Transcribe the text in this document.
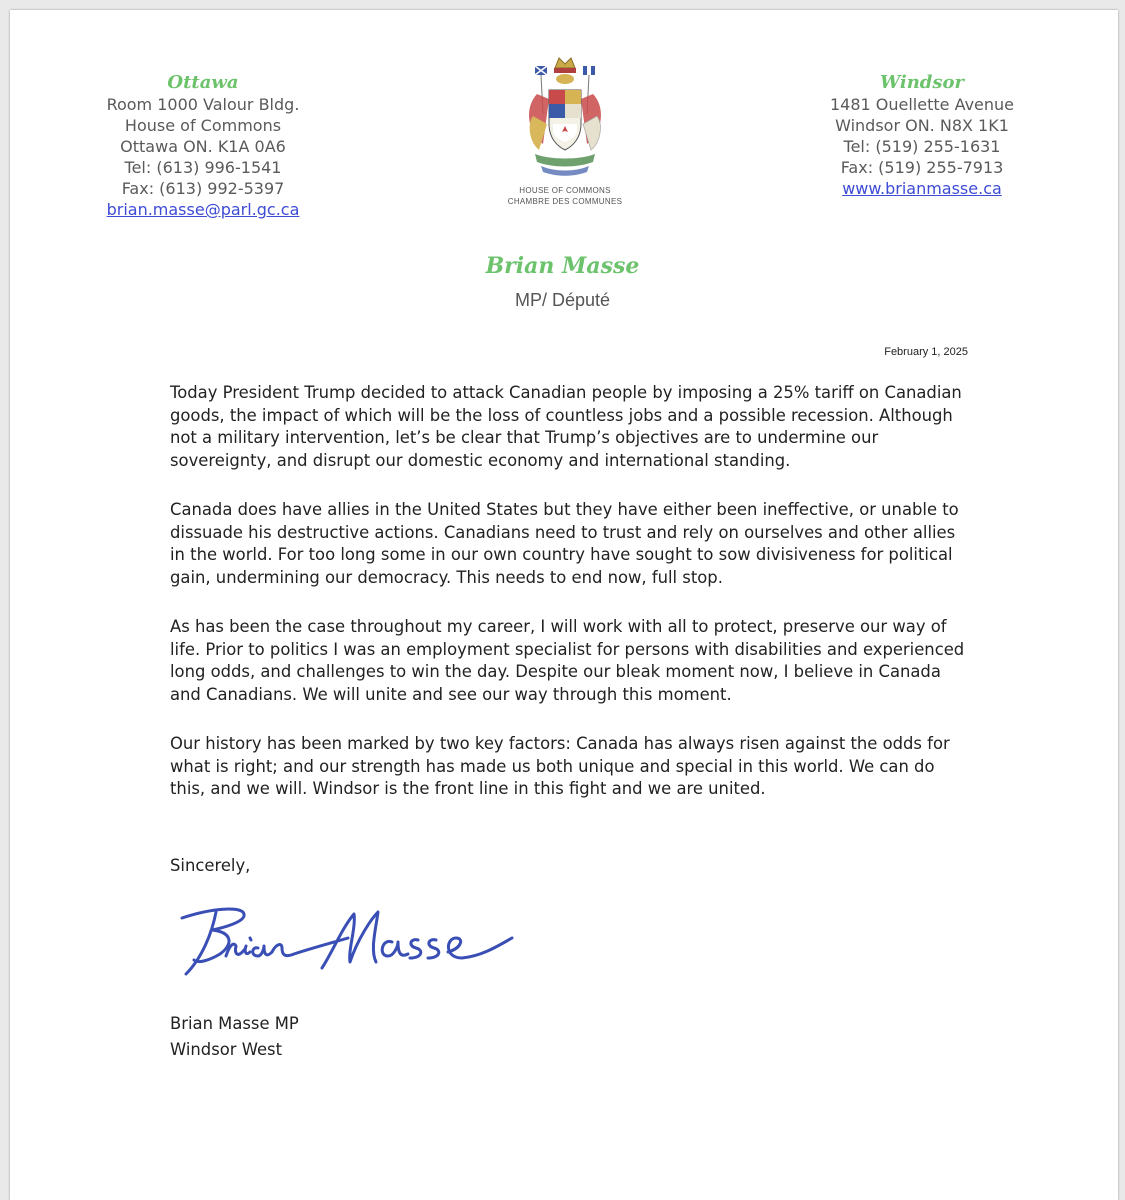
Ottawa
Room 1000 Valour Bldg.
House of Commons
Ottawa ON. K1A 0A6
Tel: (613) 996-1541
Fax: (613) 992-5397
brian.masse@parl.gc.ca
HOUSE OF COMMONS
CHAMBRE DES COMMUNES
Windsor
1481 Ouellette Avenue
Windsor ON. N8X 1K1
Tel: (519) 255-1631
Fax: (519) 255-7913
www.brianmasse.ca
Brian Masse
MP/ Député
February 1, 2025

Today President Trump decided to attack Canadian people by imposing a 25% tariff on Canadian goods, the impact of which will be the loss of countless jobs and a possible recession. Although not a military intervention, let’s be clear that Trump’s objectives are to undermine our sovereignty, and disrupt our domestic economy and international standing.

Canada does have allies in the United States but they have either been ineffective, or unable to dissuade his destructive actions. Canadians need to trust and rely on ourselves and other allies in the world. For too long some in our own country have sought to sow divisiveness for political gain, undermining our democracy. This needs to end now, full stop.

As has been the case throughout my career, I will work with all to protect, preserve our way of life. Prior to politics I was an employment specialist for persons with disabilities and experienced long odds, and challenges to win the day. Despite our bleak moment now, I believe in Canada and Canadians. We will unite and see our way through this moment.

Our history has been marked by two key factors: Canada has always risen against the odds for what is right; and our strength has made us both unique and special in this world. We can do this, and we will. Windsor is the front line in this fight and we are united.

Sincerely,
Brian Masse MP
Windsor West
